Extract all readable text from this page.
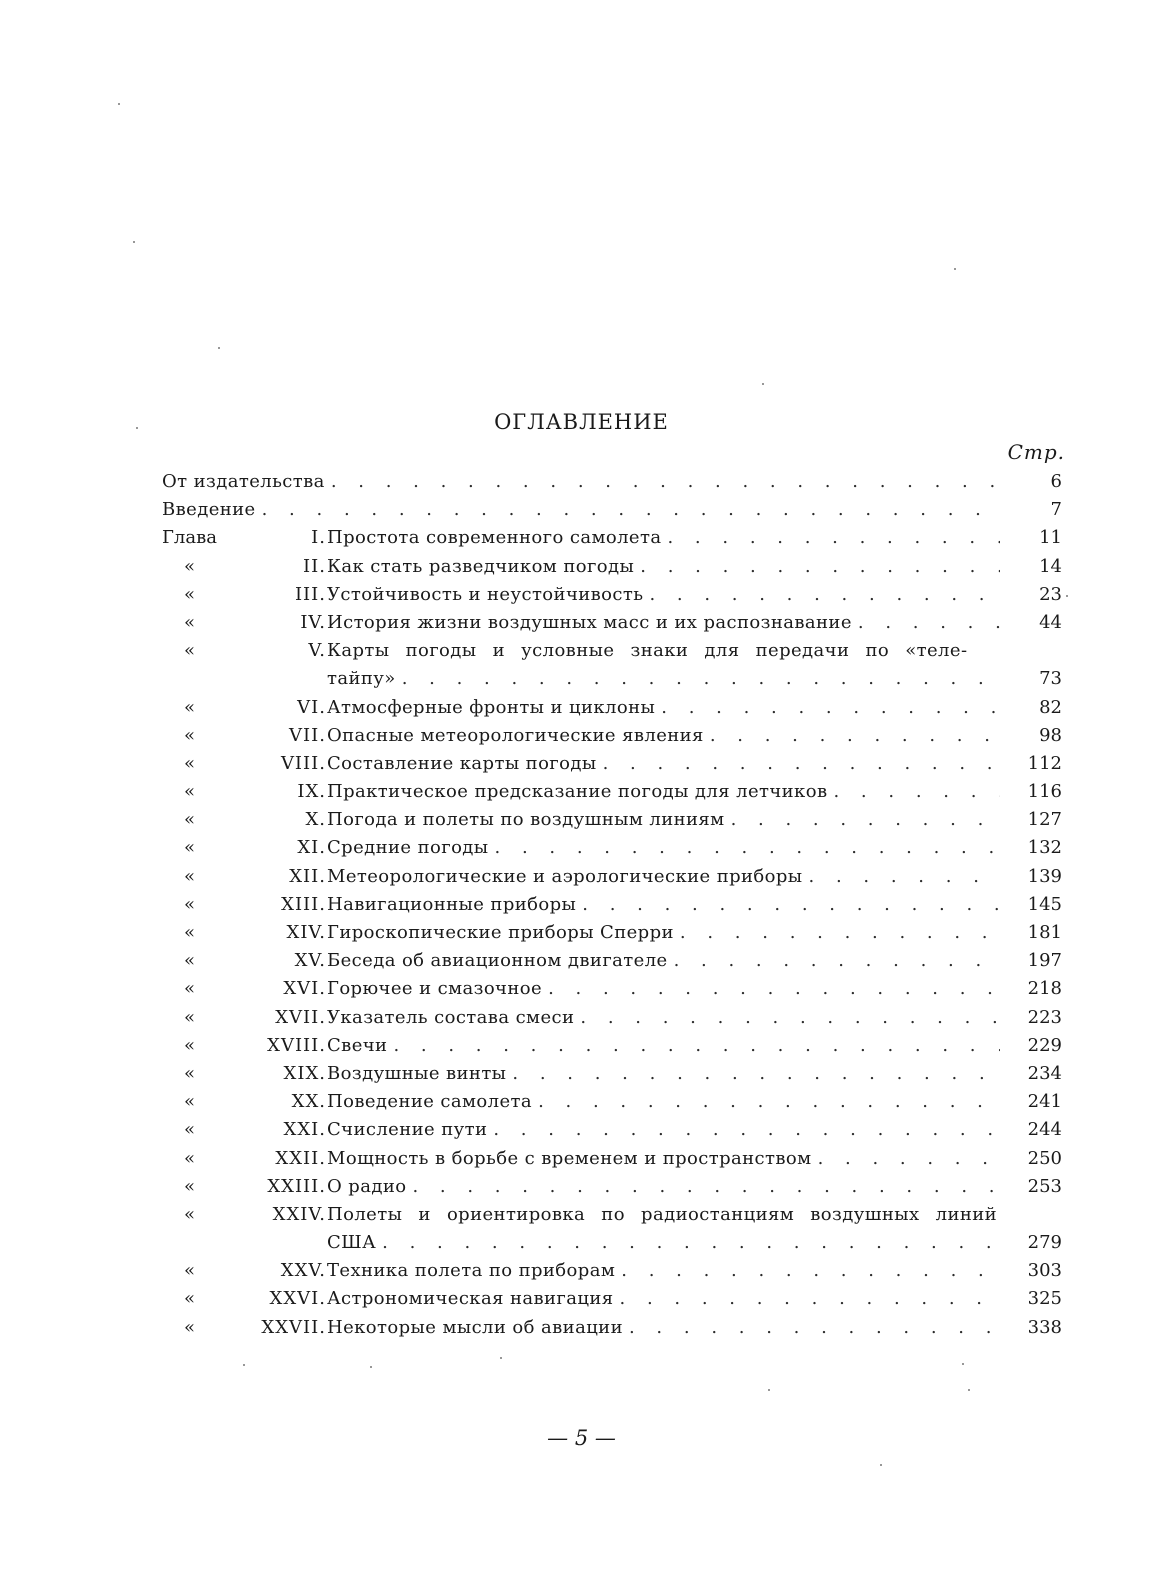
ОГЛАВЛЕНИЕ
Стр.
От издательства . . .	6
Введение . . .	7
Глава	I. Простота современного самолета . . .	11
«	II. Как стать разведчиком погоды . . .	14
«	III. Устойчивость и неустойчивость . . .	23
«	IV. История жизни воздушных масс и их распознавание . . .	44
«	V. Карты погоды и условные знаки для передачи по «теле-
тайпу» . . .	73
«	VI. Атмосферные фронты и циклоны . . .	82
«	VII. Опасные метеорологические явления . . .	98
«	VIII. Составление карты погоды . . .	112
«	IX. Практическое предсказание погоды для летчиков . . .	116
«	X. Погода и полеты по воздушным линиям . . .	127
«	XI. Средние погоды . . .	132
«	XII. Метеорологические и аэрологические приборы . . .	139
«	XIII. Навигационные приборы . . .	145
«	XIV. Гироскопические приборы Сперри . . .	181
«	XV. Беседа об авиационном двигателе . . .	197
«	XVI. Горючее и смазочное . . .	218
«	XVII. Указатель состава смеси . . .	223
«	XVIII. Свечи . . .	229
«	XIX. Воздушные винты . . .	234
«	XX. Поведение самолета . . .	241
«	XXI. Счисление пути . . .	244
«	XXII. Мощность в борьбе с временем и пространством . . .	250
«	XXIII. О радио . . .	253
«	XXIV. Полеты и ориентировка по радиостанциям воздушных линий
США . . .	279
«	XXV. Техника полета по приборам . . .	303
«	XXVI. Астрономическая навигация . . .	325
«	XXVII. Некоторые мысли об авиации . . .	338
— 5 —
